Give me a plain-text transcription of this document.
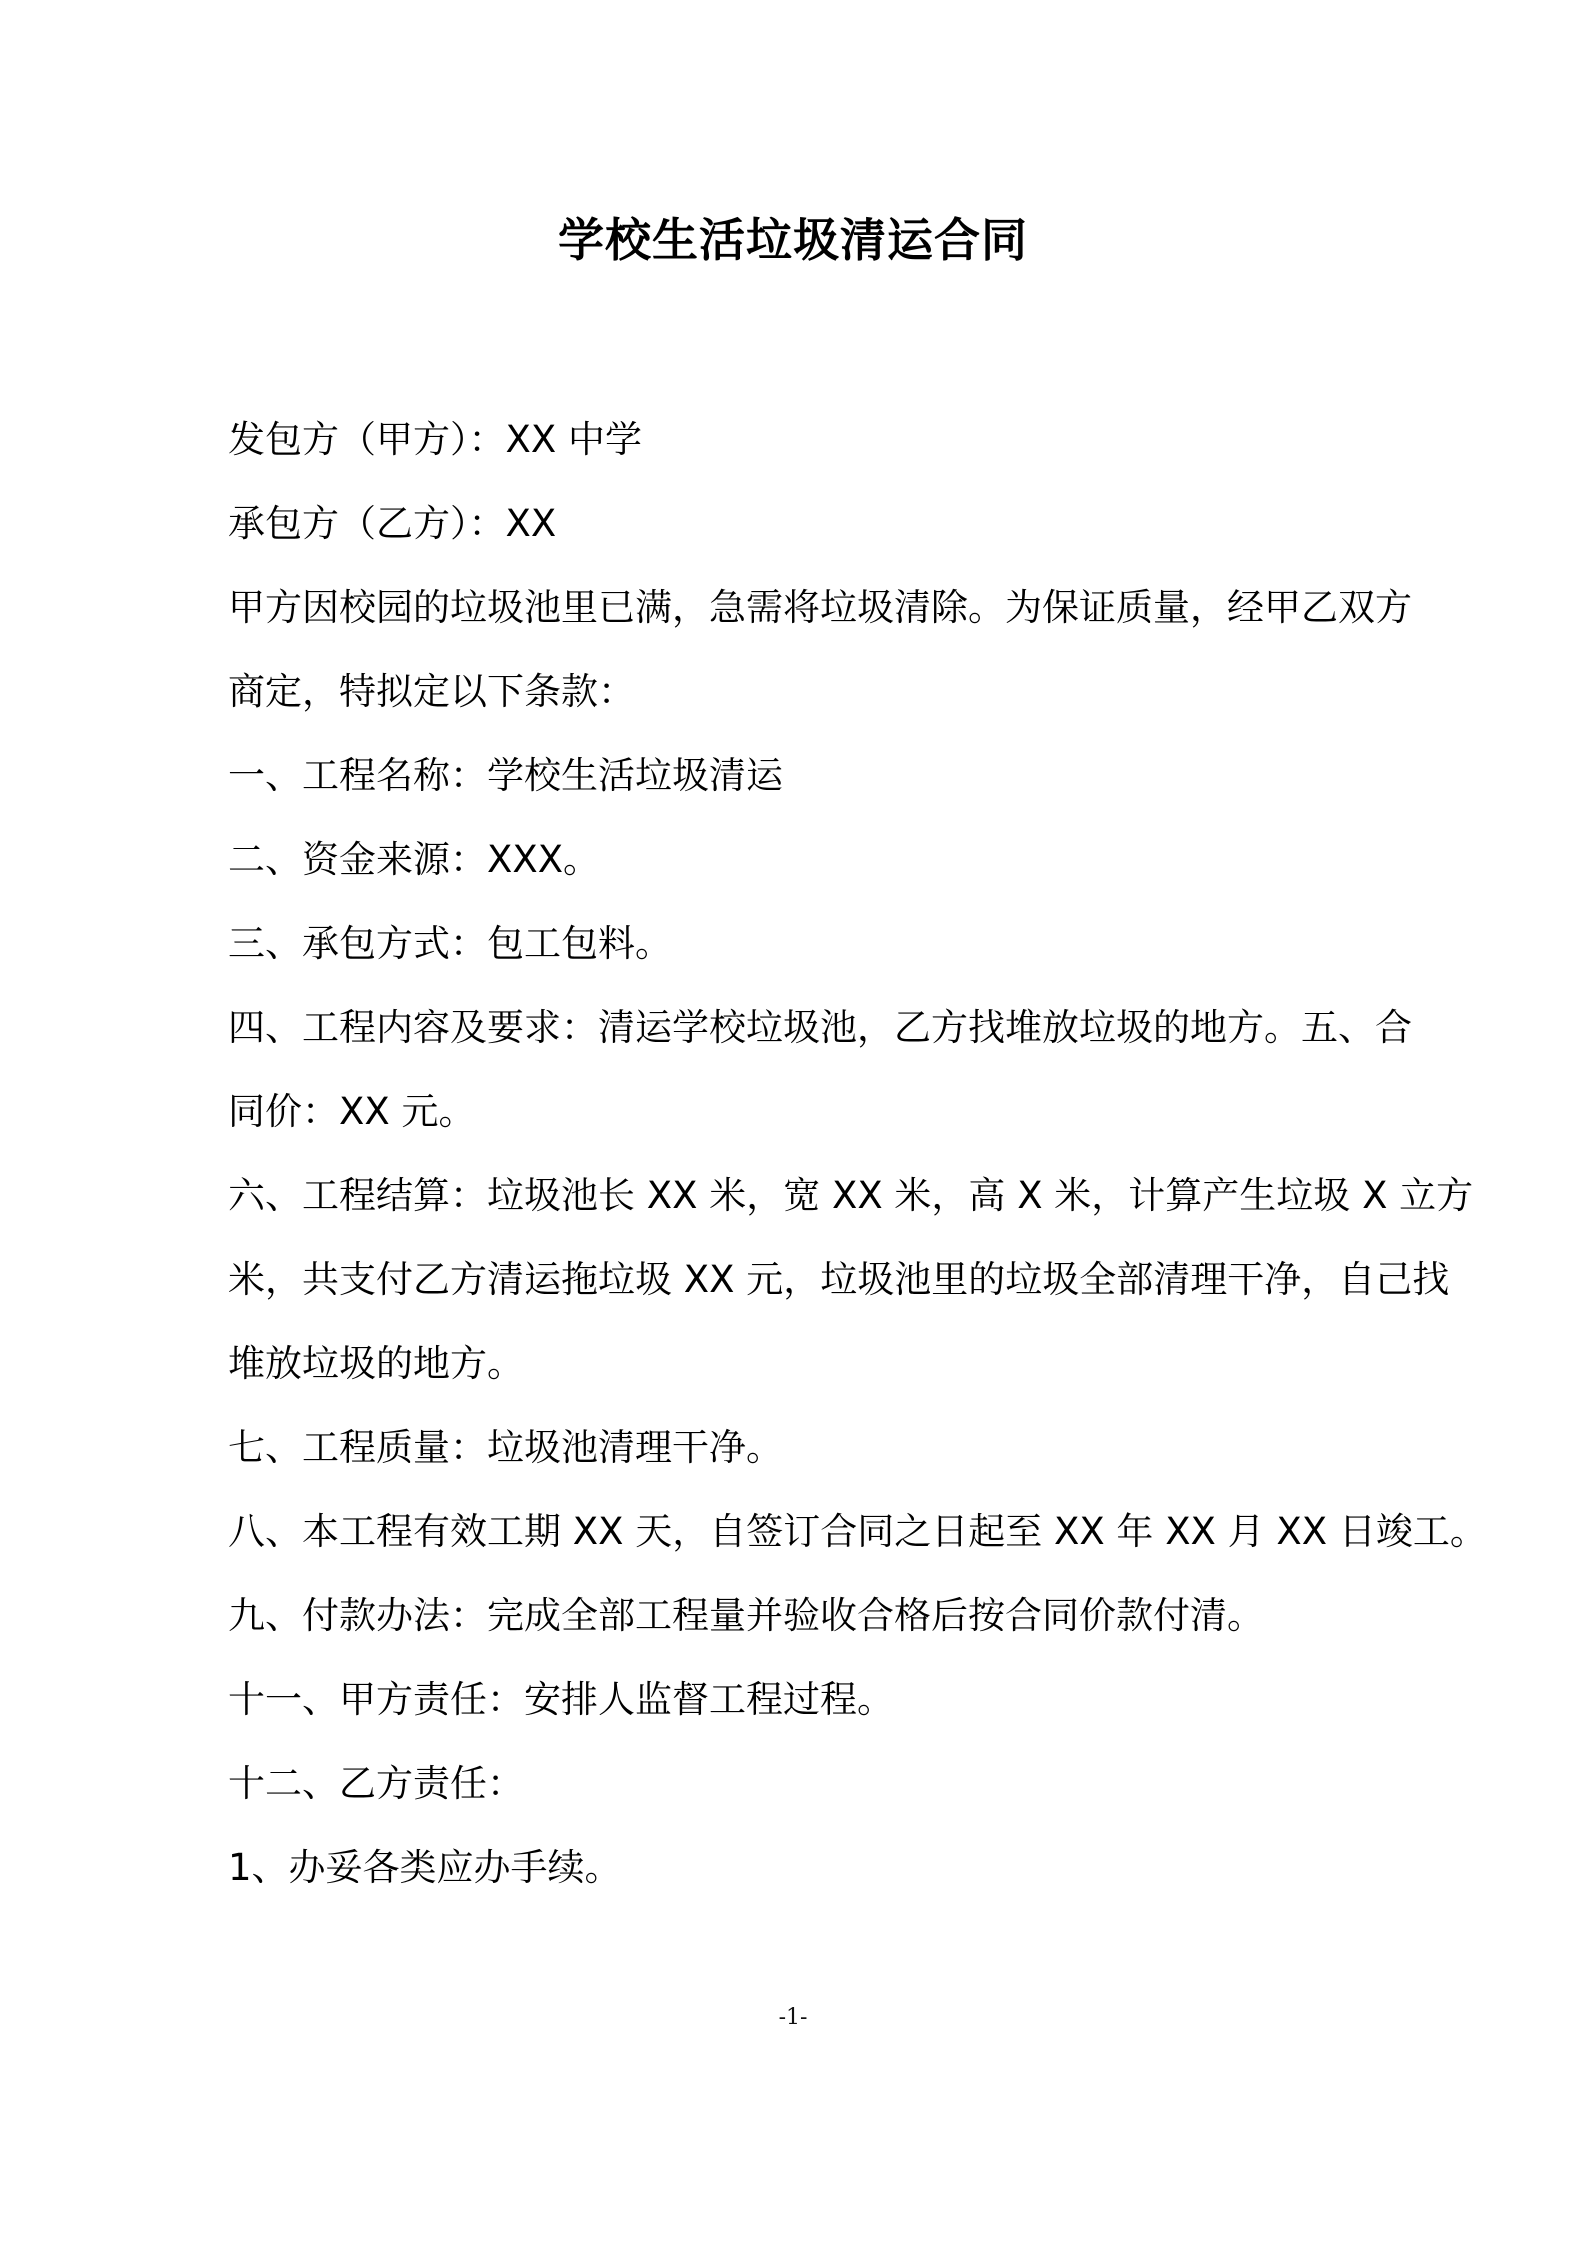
学校生活垃圾清运合同

发包方（甲方）：XX 中学

承包方（乙方）：XX

甲方因校园的垃圾池里已满，急需将垃圾清除。为保证质量，经甲乙双方

商定，特拟定以下条款：

一、工程名称：学校生活垃圾清运

二、资金来源：XXX。

三、承包方式：包工包料。

四、工程内容及要求：清运学校垃圾池，乙方找堆放垃圾的地方。五、合

同价：XX 元。

六、工程结算：垃圾池长 XX 米，宽 XX 米，高 X 米，计算产生垃圾 X 立方

米，共支付乙方清运拖垃圾 XX 元，垃圾池里的垃圾全部清理干净，自己找

堆放垃圾的地方。

七、工程质量：垃圾池清理干净。

八、本工程有效工期 XX 天，自签订合同之日起至 XX 年 XX 月 XX 日竣工。

九、付款办法：完成全部工程量并验收合格后按合同价款付清。

十一、甲方责任：安排人监督工程过程。

十二、乙方责任：

1、办妥各类应办手续。

-1-
